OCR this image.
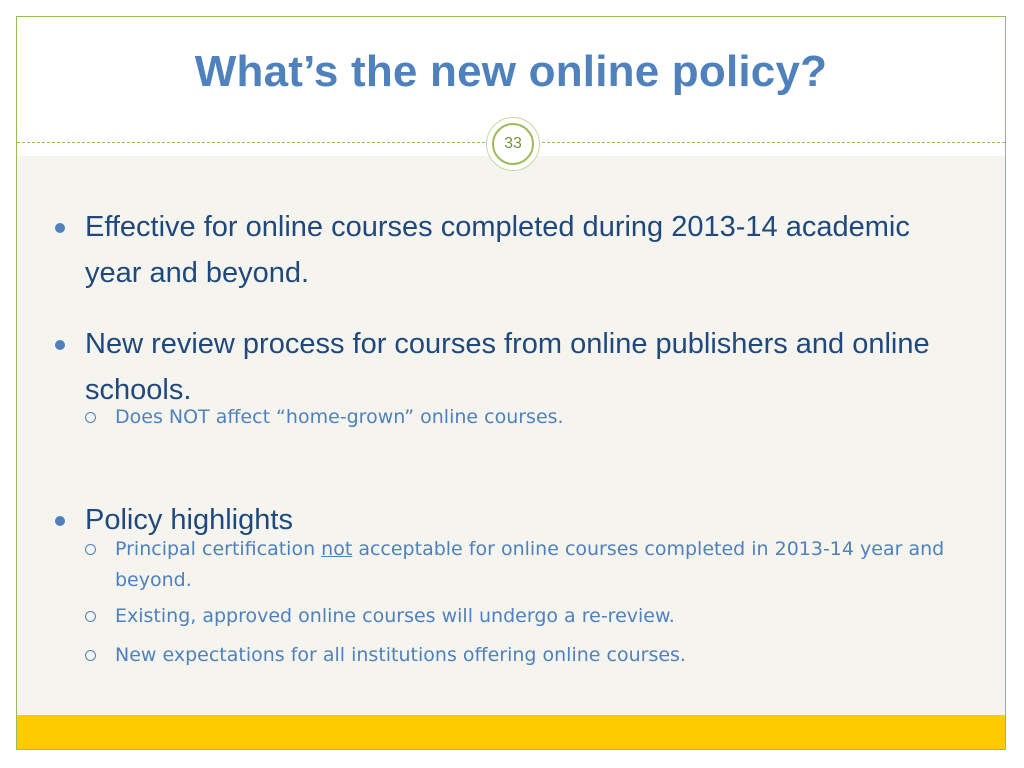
What’s the new online policy?
33
Effective for online courses completed during 2013-14 academic year and beyond.
New review process for courses from online publishers and online schools.
Does NOT affect “home-grown” online courses.
Policy highlights
Principal certification not acceptable for online courses completed in 2013-14 year and beyond.
Existing, approved online courses will undergo a re-review.
New expectations for all institutions offering online courses.
